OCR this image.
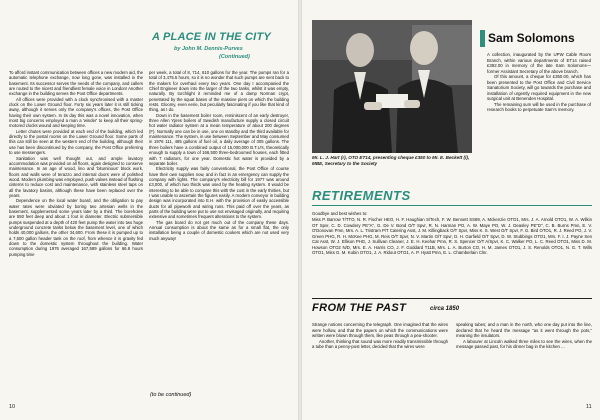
A PLACE IN THE CITY
by John M. Dennis-Purves
(Continued)

To afford instant communication between offices a new modern aid, the automatic telephone exchange, now long gone, was installed in the basement. Its successor serves the needs of the company, and callers are routed to the nicest and friendliest female voice in London! Another exchange in the building serves the Post Office departments.

All offices were provided with a clock synchronised with a master clock on the Lower Ground floor. Forty six years later it is still ticking away, although it serves only the company's offices, the Post Office having their own system. In its day this was a novel innovation, when most big concerns employed a man a 'winder' to keep all their spring-motored clocks wound and keeping time.

Letter chutes were provided at each end of the building, which led directly to the postal rooms on the Lower Ground floor. Some parts of this can still be seen at the western end of the building, although their use has been discontinued by the company, the Post Office preferring to use messengers.

Sanitation was well thought out, and ample lavatory accommodation was provided on all floors, again designed to conserve maintenance. In an age of wood, lino and 'bituminous' block work, floors and walls were of terazzo and internal doors were of polished wood. Modern plumbing was employed, push valves instead of flushing cisterns to reduce cost and maintenance, with stainless steel taps on all the lavatory basins, although these have been replaced over the years.

Dependence on the local water board, and the obligation to pay water rates were obviated by boring two artesian wells in the basement, supplemented some years later by a third. The boreholes are 550 feet deep and about 1 foot in diameter. Electric submersible pumps suspended at a depth of 420 feet pump the water into two huge underground concrete tanks below the basement level, one of which holds 40,000 gallons, the other 34,600. From these it is pumped up to a 7,500 gallon header tank on the roof, from whence it is gravity fed down to the domestic system throughout the building. Water consumption during 1976 averaged 167,589 gallons for 66.8 hours pumping time

per week, a total of 8, 714, 610 gallons for the year. The pumps ran for a total of 3,475.5 hours, so it is no wonder that such pumps are sent back to the makers for overhaul every two years. One day I accompanied the Chief Engineer down into the larger of the two tanks, whilst it was empty, naturally. By torchlight it reminded me of a damp Norman crypt, penetrated by the squat bases of the massive piers on which the building rests. Gloomy, even eerie, but peculiarly fascinating if you like that kind of thing, as I do.

Down in the basement boiler room, reminiscent of an early destroyer, three Allen Ypres boilers of Swedish manufacture supply a closed circuit hot water radiator system at a mean temperature of about 200 degrees (F). Normally one can be in use, one on standby and the third available for maintenance. The system, in use between September and May consumed in 1976 111, 485 gallons of fuel oil, a daily average of 305 gallons. The three boilers have a combined output of 15,000,000 B.T.U's, theoretically enough to supply a town of 166,500 three-bedroomed houses, each fitted with 7 radiators, for one year. Domestic hot water is provided by a separate boiler.

Electricity supply was fairly conventional, the Post Office of course have their own supplies now, and in fact in an emergency can supply the company with lights. The company's electricity bill for 1977 was around £3,000, of which two thirds was used by the heating system. It would be interesting to be able to compare this with the cost in the early thirties, but I was unable to ascertain the figures easily. A modern conveyor in building design was incorporated into E.H. with the provision of easily accessible ducts for all pipework and wiring runs. This paid off over the years, as parts of the building were put to use not envisaged originally, and requiring extensive and sometimes frequent alterations to the system.

The gas board do not get much out of the company these days. Annual consumption is about the same as for a small flat, the only installation being a couple of domestic cookers which are not used very much anyway!

(to be continued)
10
Mr. L. J. Hart (r), OTO ET14, presenting cheque £350 to Mr. E. Beckett (l), MBE, Secretary to the Society
Sam Solomons

A collection, inaugurated by the UPW Cable Room Branch, within various departments of ET14 raised £392.00 in memory of the late Sam Solomons—former Assistant Secretary of the above branch.

Of this amount, a cheque for £350.00, which has been presented to the Post Office and Civil Service Sanatorium Society, will go towards the purchase and installation of urgently required equipment in the new surgical unit at Benenden Hospital.

The remaining sum will be used in the purchase of research books to perpetuate Sam's memory.

RETIREMENTS
Goodbye and best wishes to:
Miss P. Barrow T/TTO, N. R. Fischer HEO, H. F. Haughian S/Tech, F. W. Bennett SS89, A. Mckenzie OTO1, Mrs. J. A. Arnold OTO1, W. A. Wilkin OT Spvr, C. D. Cowdery PE"A", G. De V. Bond O/T Spvr, R. N. Harman PO, A. W. Maye PO, W. J. Deasley PE"D", C. B. Burns Pmn, E. V. O'Donovan Pmn, Mrs. A. L. Tristram P/T Catering Asst, J. M. Killingback O/T Spvr, Miss K. S. West O/T Spvr, F. G. Bird OTO1, R. J. Reed PO, J. V. Green PHG, R. H. McKee PHG, M. Reis O/T Spvr, N. V. Martin O/T Spvr, D. H. Garfield O/T Spvr, D. W. Stubbings OTO1, Mrs. F. I. J. Payne Sen Cat Asst, W. J. Ellison PHG, J. Sullivan Cleaner, J. E. H. Keehar Pmn, R. S. Spencer O/T A/Spvr, K. C. Walker PO, L. C. Reed OTO1, Miss D. M. Howson OTO2 N/D, Mrs. E. A. Harris CO, J. F. Goddard T11B, Mrs. L. A. Burton CO, H. M. James OTO1, J. S. Renolds OTO1, N. G. T. Wills OTO1, Miss G. M. Kubin OTO1, J. A. Ridout OTO1, A. P. Hyatt Pmn, E. L. Chamberlain Clnr.
FROM THE PAST	circa 1850
Strange notions concerning the telegraph. One imagined that the wires were hollow, and that the papers on which the communications were written were blown through them, like peas through a pea-shooter.
Another, thinking that sound was more readily transmissible through a tube than a penny-post letter, decided that the wires were
speaking tubes; and a man in the north, who one day put into the line, declared that he heard the message "as it went through the pots," meaning the insulators.
A labourer at Lincoln walked three miles to see the wires, when the message passed past, for his dinner bag in the kitchen ...
11
